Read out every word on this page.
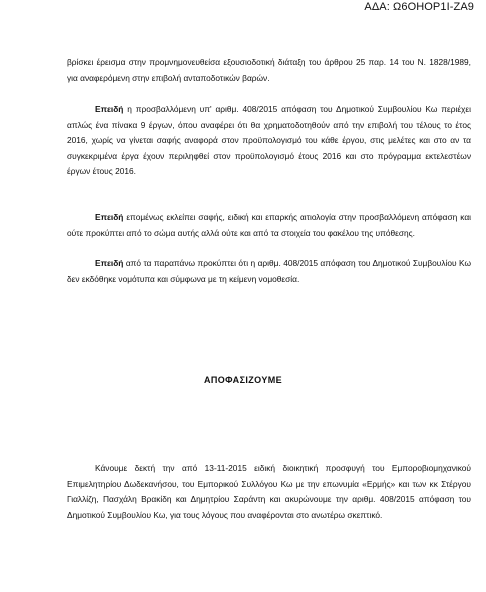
ΑΔΑ: Ω6ΟΗΟΡ1Ι-ΖΑ9

βρίσκει έρεισμα στην προμνημονευθείσα εξουσιοδοτική διάταξη του άρθρου 25 παρ. 14 του Ν. 1828/1989, για αναφερόμενη στην επιβολή ανταποδοτικών βαρών.

Επειδή η προσβαλλόμενη υπ' αριθμ. 408/2015 απόφαση του Δημοτικού Συμβουλίου Κω περιέχει απλώς ένα πίνακα 9 έργων, όπου αναφέρει ότι θα χρηματοδοτηθούν από την επιβολή του τέλους το έτος 2016, χωρίς να γίνεται σαφής αναφορά στον προϋπολογισμό του κάθε έργου, στις μελέτες και στο αν τα συγκεκριμένα έργα έχουν περιληφθεί στον προϋπολογισμό έτους 2016 και στο πρόγραμμα εκτελεστέων έργων έτους 2016.
Επειδή επομένως εκλείπει σαφής, ειδική και επαρκής αιτιολογία στην προσβαλλόμενη απόφαση και ούτε προκύπτει από το σώμα αυτής αλλά ούτε και από τα στοιχεία του φακέλου της υπόθεσης.
Επειδή από τα παραπάνω προκύπτει ότι η αριθμ. 408/2015 απόφαση του Δημοτικού Συμβουλίου Κω δεν εκδόθηκε νομότυπα και σύμφωνα με τη κείμενη νομοθεσία.
ΑΠΟΦΑΣΙΖΟΥΜΕ
Κάνουμε δεκτή την από 13-11-2015 ειδική διοικητική προσφυγή του Εμποροβιομηχανικού Επιμελητηρίου Δωδεκανήσου, του Εμπορικού Συλλόγου Κω με την επωνυμία «Ερμής» και των κκ Στέργου Γιαλλίζη, Πασχάλη Βρακίδη και Δημητρίου Σαράντη και ακυρώνουμε την αριθμ. 408/2015 απόφαση του Δημοτικού Συμβουλίου Κω, για τους λόγους που αναφέρονται στο ανωτέρω σκεπτικό.
